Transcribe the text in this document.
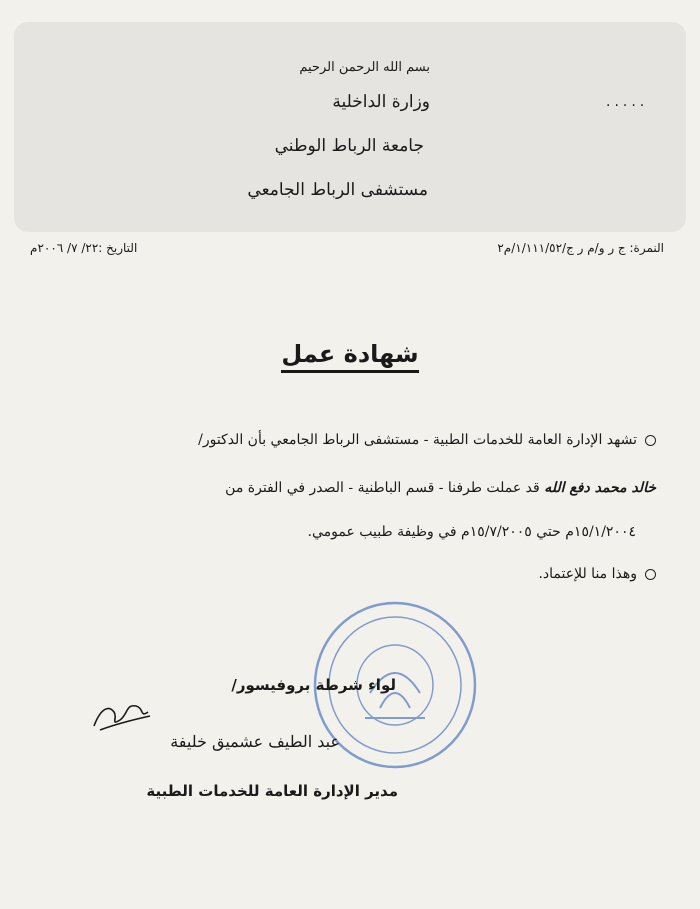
بسم الله الرحمن الرحيم
وزارة الداخلية
جامعة الرباط الوطني
مستشفى الرباط الجامعي
.....
النمرة: ج ر و/م ر ج/١/١١١/٥٢/م٢
التاريخ :٢٢/ ٧/ ٢٠٠٦م
شهادة عمل
تشهد الإدارة العامة للخدمات الطبية - مستشفى الرباط الجامعي بأن الدكتور/
خالد محمد دفع الله قد عملت طرفنا - قسم الباطنية - الصدر في الفترة من
١٥/١/٢٠٠٤م حتي ١٥/٧/٢٠٠٥م في وظيفة طبيب عمومي.
وهذا منا للإعتماد.
لواء شرطة بروفيسور/
عبد الطيف عشميق خليفة
مدير الإدارة العامة للخدمات الطبية
